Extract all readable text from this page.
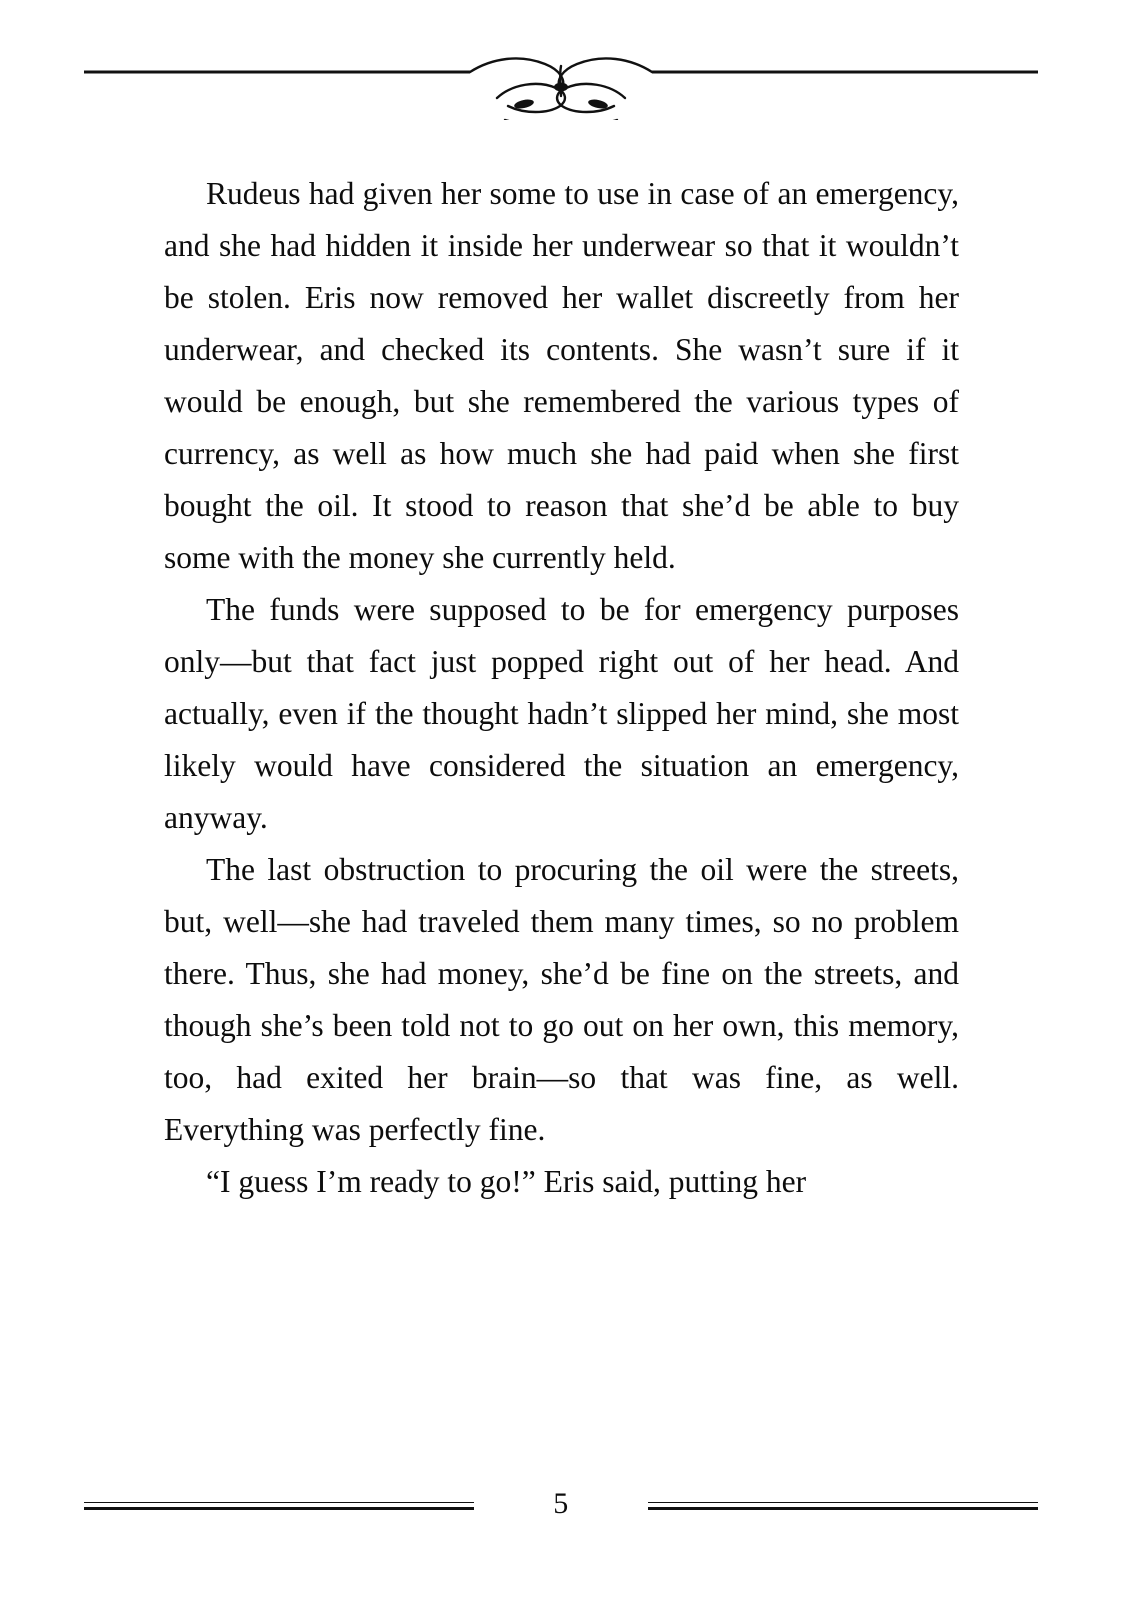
Rudeus had given her some to use in case of an emergency, and she had hidden it inside her underwear so that it wouldn’t be stolen. Eris now removed her wallet discreetly from her underwear, and checked its contents. She wasn’t sure if it would be enough, but she remembered the various types of currency, as well as how much she had paid when she first bought the oil. It stood to reason that she’d be able to buy some with the money she currently held.

The funds were supposed to be for emergency purposes only—but that fact just popped right out of her head. And actually, even if the thought hadn’t slipped her mind, she most likely would have considered the situation an emergency, anyway.

The last obstruction to procuring the oil were the streets, but, well—she had traveled them many times, so no problem there. Thus, she had money, she’d be fine on the streets, and though she’s been told not to go out on her own, this memory, too, had exited her brain—so that was fine, as well. Everything was perfectly fine.

“I guess I’m ready to go!” Eris said, putting her

5
